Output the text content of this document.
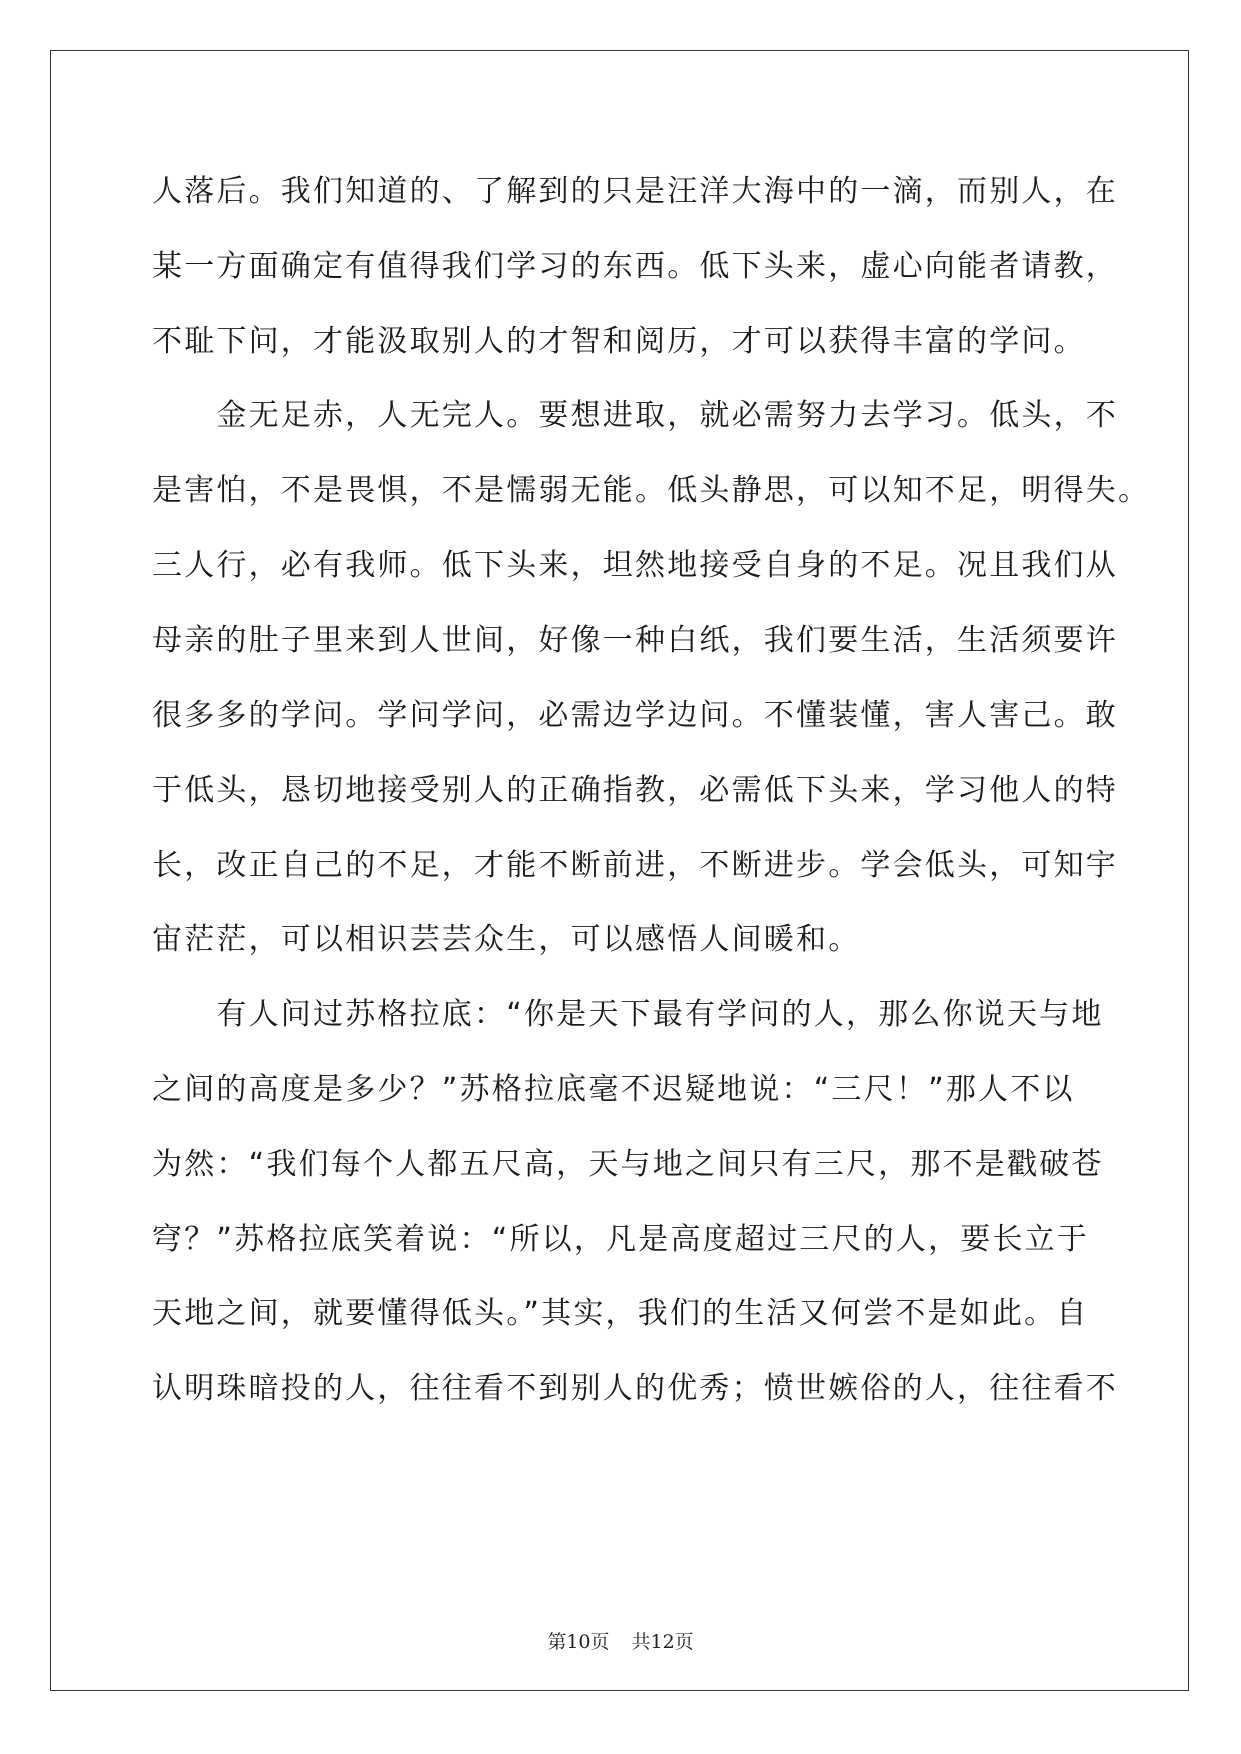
人落后。我们知道的、了解到的只是汪洋大海中的一滴，而别人，在
某一方面确定有值得我们学习的东西。低下头来，虚心向能者请教，
不耻下问，才能汲取别人的才智和阅历，才可以获得丰富的学问。
　　金无足赤，人无完人。要想进取，就必需努力去学习。低头，不
是害怕，不是畏惧，不是懦弱无能。低头静思，可以知不足，明得失。
三人行，必有我师。低下头来，坦然地接受自身的不足。况且我们从
母亲的肚子里来到人世间，好像一种白纸，我们要生活，生活须要许
很多多的学问。学问学问，必需边学边问。不懂装懂，害人害己。敢
于低头，恳切地接受别人的正确指教，必需低下头来，学习他人的特
长，改正自己的不足，才能不断前进，不断进步。学会低头，可知宇
宙茫茫，可以相识芸芸众生，可以感悟人间暖和。
　　有人问过苏格拉底：“你是天下最有学问的人，那么你说天与地
之间的高度是多少？”苏格拉底毫不迟疑地说：“三尺！”那人不以
为然：“我们每个人都五尺高，天与地之间只有三尺，那不是戳破苍
穹？”苏格拉底笑着说：“所以，凡是高度超过三尺的人，要长立于
天地之间，就要懂得低头。”其实，我们的生活又何尝不是如此。自
认明珠暗投的人，往往看不到别人的优秀；愤世嫉俗的人，往往看不
第10页 共12页
